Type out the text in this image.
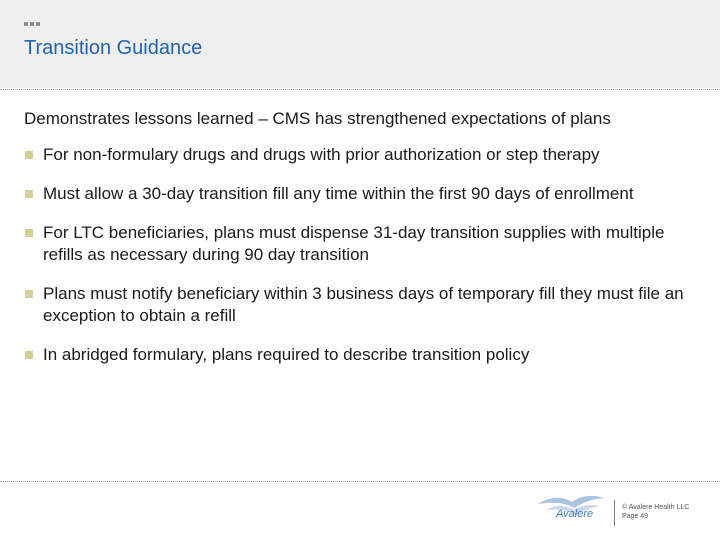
Transition Guidance

Demonstrates lessons learned – CMS has strengthened expectations of plans

For non-formulary drugs and drugs with prior authorization or step therapy
Must allow a 30-day transition fill any time within the first 90 days of enrollment
For LTC beneficiaries, plans must dispense 31-day transition supplies with multiple refills as necessary during 90 day transition
Plans must notify beneficiary within 3 business days of temporary fill they must file an exception to obtain a refill
In abridged formulary, plans required to describe transition policy
Avalere
© Avalere Health LLC
Page 49
